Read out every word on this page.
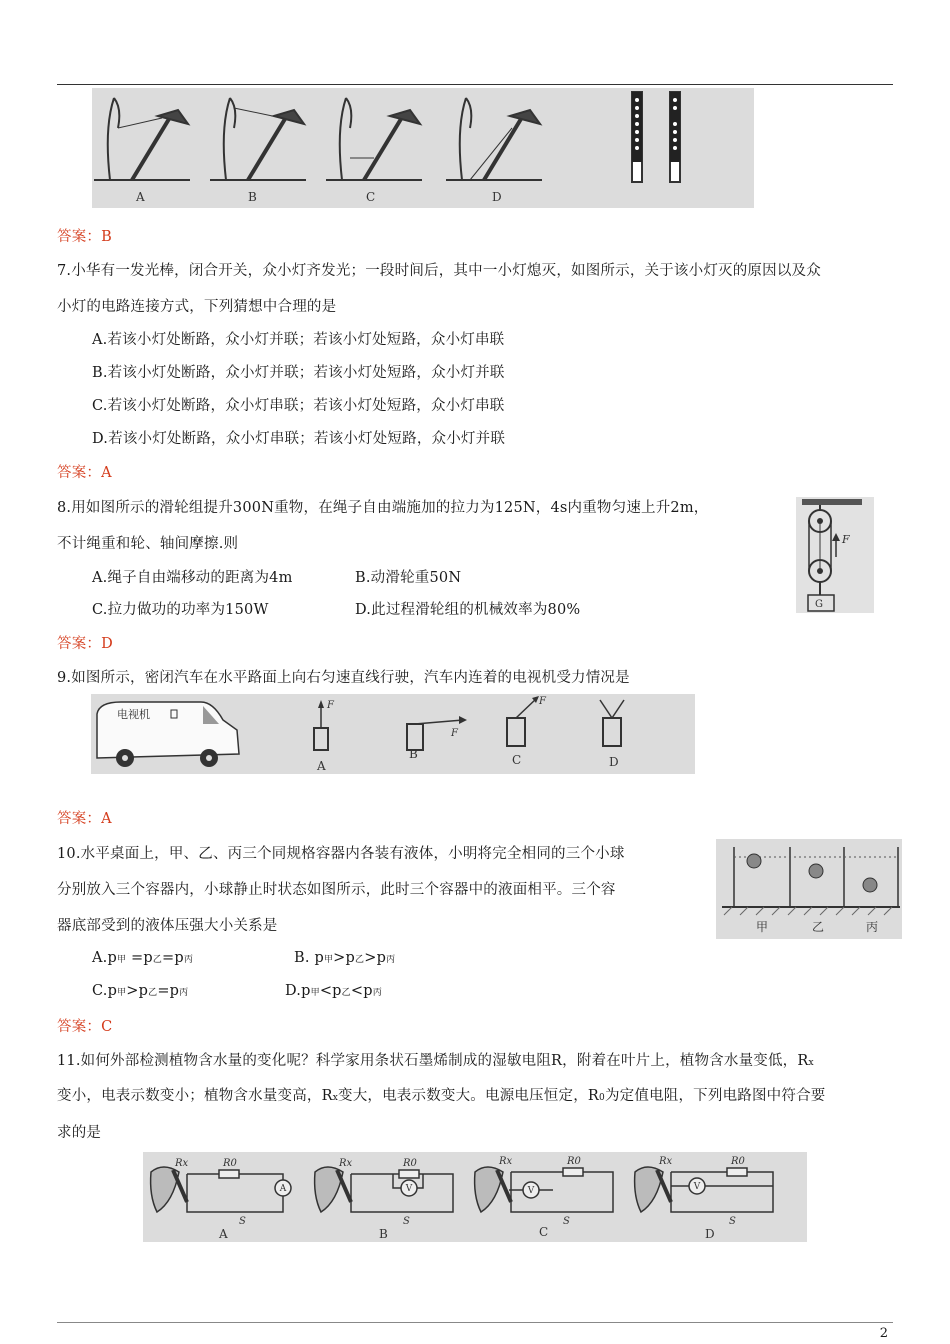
A	B	C	D
答案：B
7.小华有一发光棒，闭合开关，众小灯齐发光；一段时间后，其中一小灯熄灭，如图所示，关于该小灯灭的原因以及众
小灯的电路连接方式，下列猜想中合理的是
A.若该小灯处断路，众小灯并联；若该小灯处短路，众小灯串联
B.若该小灯处断路，众小灯并联；若该小灯处短路，众小灯并联
C.若该小灯处断路，众小灯串联；若该小灯处短路，众小灯串联
D.若该小灯处断路，众小灯串联；若该小灯处短路，众小灯并联
答案：A
8.用如图所示的滑轮组提升300N重物，在绳子自由端施加的拉力为125N，4s内重物匀速上升2m，
不计绳重和轮、轴间摩擦.则
A.绳子自由端移动的距离为4m	B.动滑轮重50N
C.拉力做功的功率为150W	D.此过程滑轮组的机械效率为80%
F
G
答案：D
9.如图所示，密闭汽车在水平路面上向右匀速直线行驶，汽车内连着的电视机受力情况是
电视机
F
A
F
B
F
C	D
答案：A
10.水平桌面上，甲、乙、丙三个同规格容器内各装有液体，小明将完全相同的三个小球
分别放入三个容器内，小球静止时状态如图所示，此时三个容器中的液面相平。三个容
器底部受到的液体压强大小关系是	甲	乙	丙
A.p甲 =p乙=p丙	B. p甲>p乙>p丙
C.p甲>p乙=p丙	D.p甲<p乙<p丙
答案：C
11.如何外部检测植物含水量的变化呢？科学家用条状石墨烯制成的湿敏电阻R，附着在叶片上，植物含水量变低，Rx
变小，电表示数变小；植物含水量变高，Rx变大，电表示数变大。电源电压恒定，R0为定值电阻，下列电路图中符合要
求的是
Rx	R0	Rx	R0	Rx	R0	Rx	R0
S	S	S	S
A	V	V	V
A	B	C	D
2
